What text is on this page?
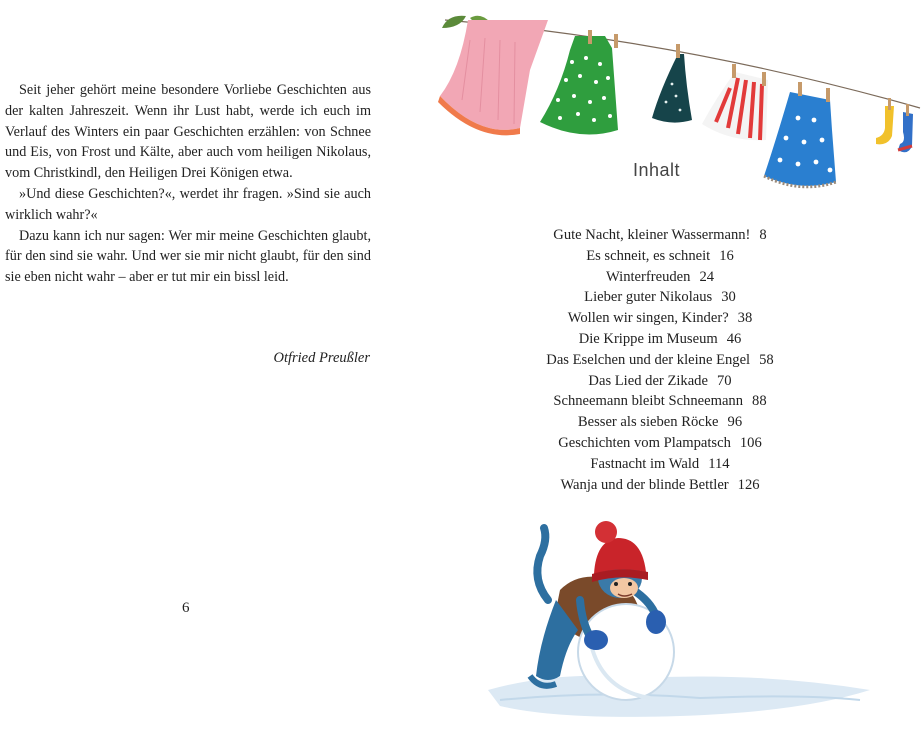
Seit jeher gehört meine besondere Vorliebe Geschichten aus der kalten Jahreszeit. Wenn ihr Lust habt, werde ich euch im Verlauf des Winters ein paar Geschichten erzählen: von Schnee und Eis, von Frost und Kälte, aber auch vom heiligen Nikolaus, vom Christkindl, den Heiligen Drei Königen etwa.

»Und diese Geschichten?«, werdet ihr fragen. »Sind sie auch wirklich wahr?«

Dazu kann ich nur sagen: Wer mir meine Geschichten glaubt, für den sind sie wahr. Und wer sie mir nicht glaubt, für den sind sie eben nicht wahr – aber er tut mir ein bissl leid.

Otfried Preußler
6
Inhalt
Gute Nacht, kleiner Wassermann! 8
Es schneit, es schneit 16
Winterfreuden 24
Lieber guter Nikolaus 30
Wollen wir singen, Kinder? 38
Die Krippe im Museum 46
Das Eselchen und der kleine Engel 58
Das Lied der Zikade 70
Schneemann bleibt Schneemann 88
Besser als sieben Röcke 96
Geschichten vom Plampatsch 106
Fastnacht im Wald 114
Wanja und der blinde Bettler 126
